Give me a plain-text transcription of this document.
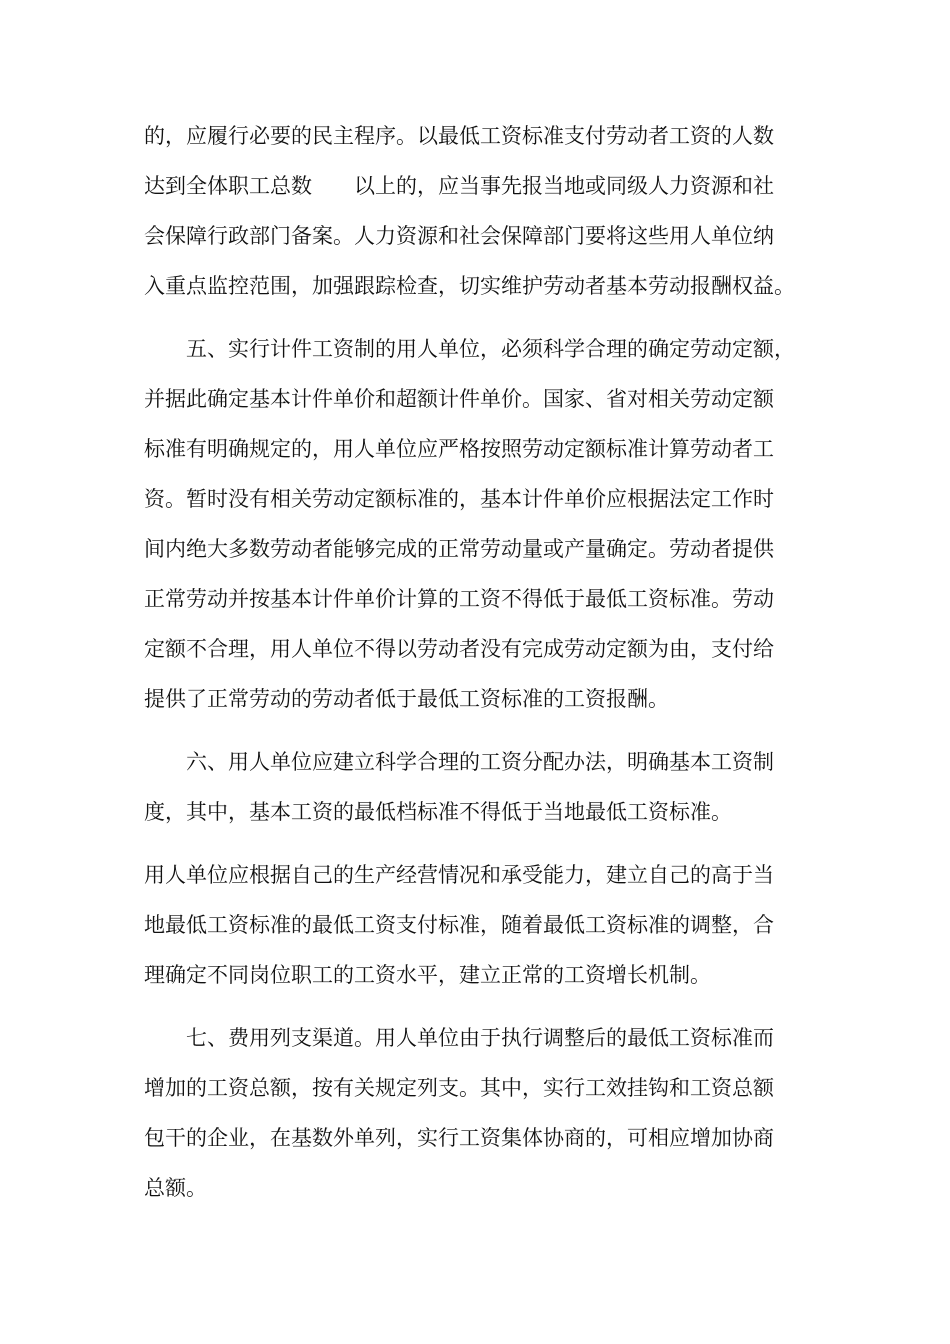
的，应履行必要的民主程序。以最低工资标准支付劳动者工资的人数

达到全体职工总数　　以上的，应当事先报当地或同级人力资源和社

会保障行政部门备案。人力资源和社会保障部门要将这些用人单位纳

入重点监控范围，加强跟踪检查，切实维护劳动者基本劳动报酬权益。

五、实行计件工资制的用人单位，必须科学合理的确定劳动定额，

并据此确定基本计件单价和超额计件单价。国家、省对相关劳动定额

标准有明确规定的，用人单位应严格按照劳动定额标准计算劳动者工

资。暂时没有相关劳动定额标准的，基本计件单价应根据法定工作时

间内绝大多数劳动者能够完成的正常劳动量或产量确定。劳动者提供

正常劳动并按基本计件单价计算的工资不得低于最低工资标准。劳动

定额不合理，用人单位不得以劳动者没有完成劳动定额为由，支付给

提供了正常劳动的劳动者低于最低工资标准的工资报酬。

六、用人单位应建立科学合理的工资分配办法，明确基本工资制

度，其中，基本工资的最低档标准不得低于当地最低工资标准。

用人单位应根据自己的生产经营情况和承受能力，建立自己的高于当

地最低工资标准的最低工资支付标准，随着最低工资标准的调整，合

理确定不同岗位职工的工资水平，建立正常的工资增长机制。

七、费用列支渠道。用人单位由于执行调整后的最低工资标准而

增加的工资总额，按有关规定列支。其中，实行工效挂钩和工资总额

包干的企业，在基数外单列，实行工资集体协商的，可相应增加协商

总额。
